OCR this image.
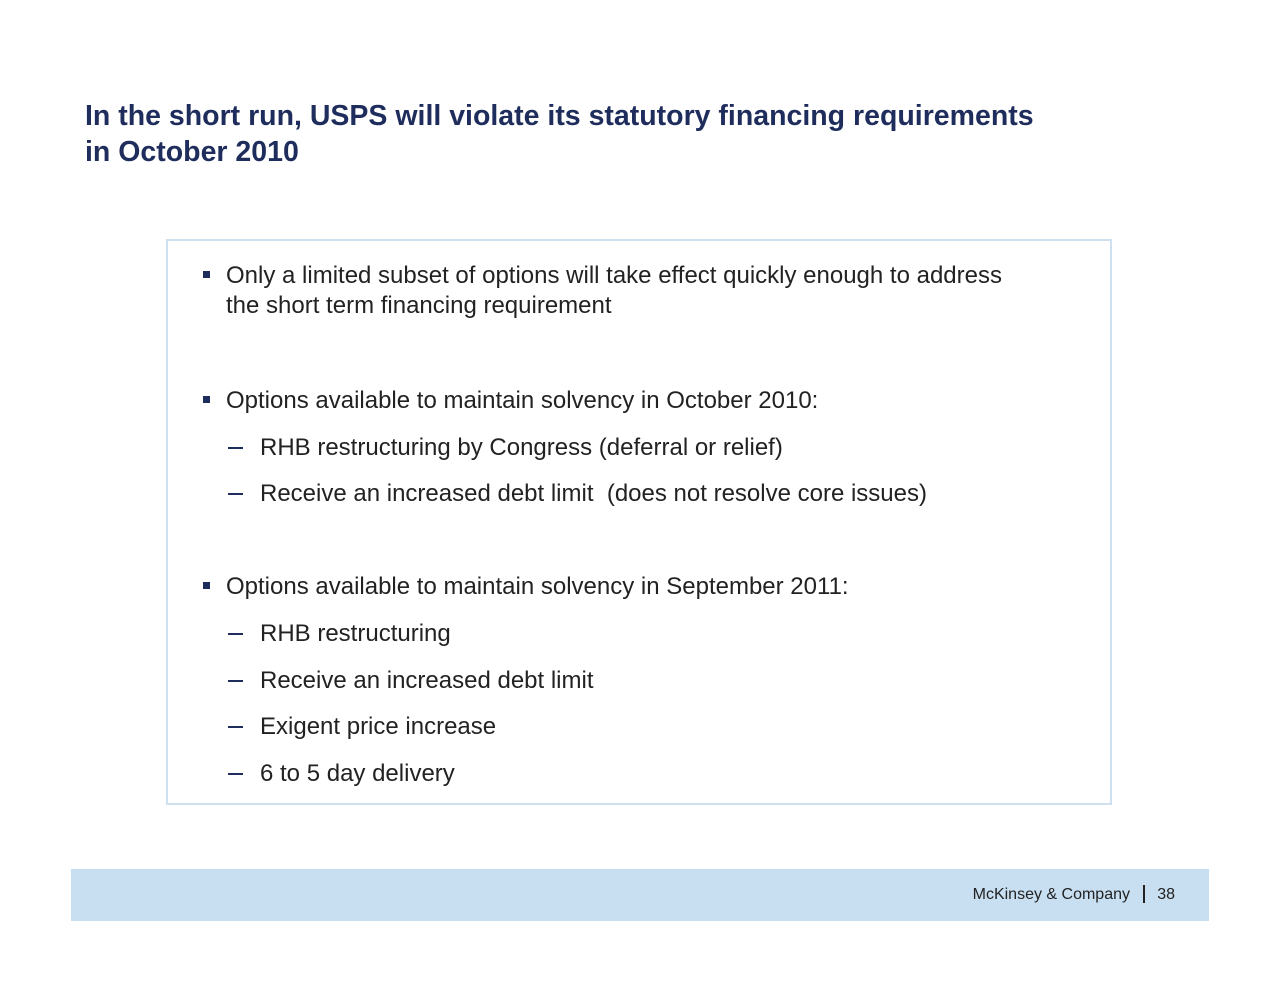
In the short run, USPS will violate its statutory financing requirements
in October 2010
Only a limited subset of options will take effect quickly enough to address
the short term financing requirement
Options available to maintain solvency in October 2010:
RHB restructuring by Congress (deferral or relief)
Receive an increased debt limit  (does not resolve core issues)
Options available to maintain solvency in September 2011:
RHB restructuring
Receive an increased debt limit
Exigent price increase
6 to 5 day delivery
McKinsey & Company 38
